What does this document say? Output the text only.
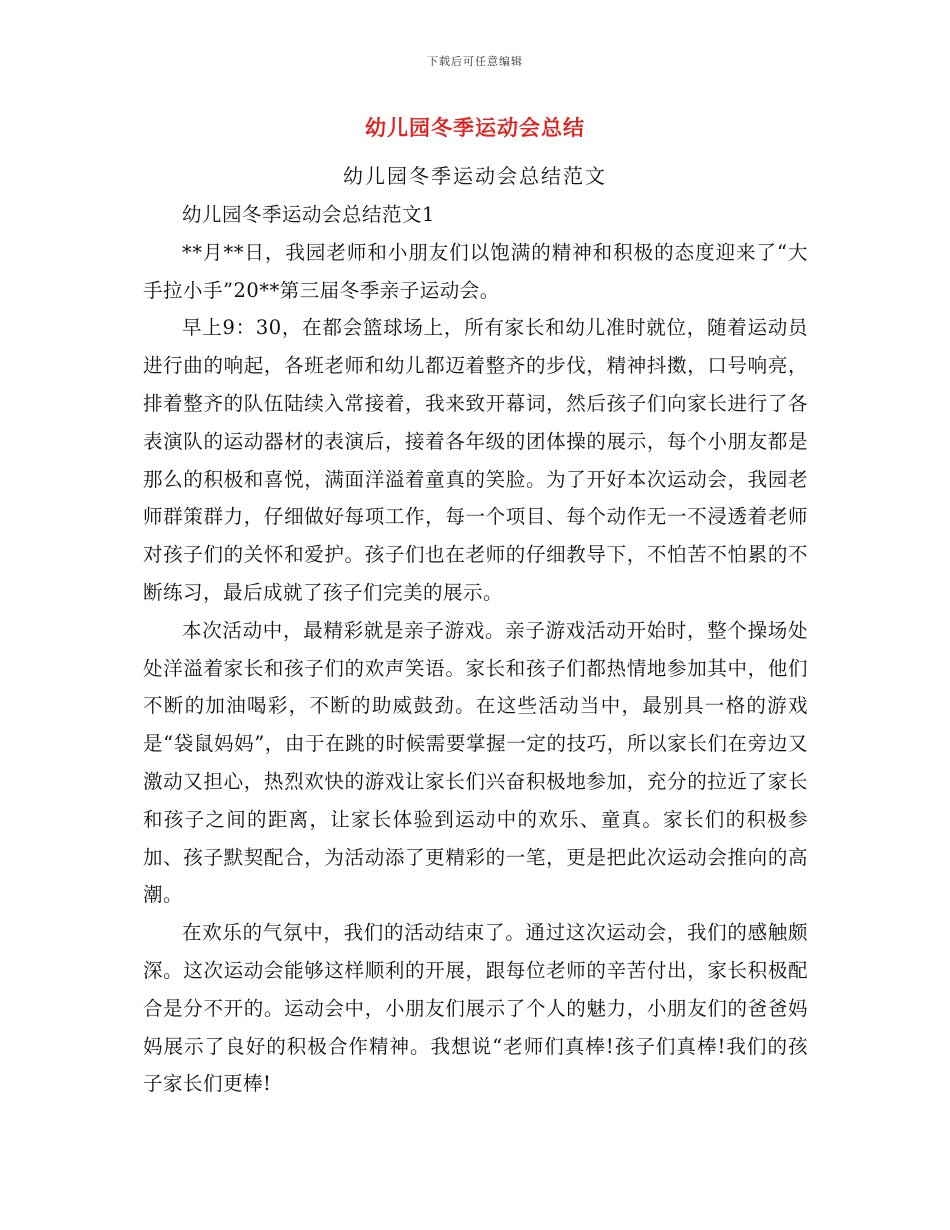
下载后可任意编辑
幼儿园冬季运动会总结
幼儿园冬季运动会总结范文

幼儿园冬季运动会总结范文1

**月**日，我园老师和小朋友们以饱满的精神和积极的态度迎来了“大手拉小手”20**第三届冬季亲子运动会。

早上9：30，在都会篮球场上，所有家长和幼儿准时就位，随着运动员进行曲的响起，各班老师和幼儿都迈着整齐的步伐，精神抖擞，口号响亮，排着整齐的队伍陆续入常接着，我来致开幕词，然后孩子们向家长进行了各表演队的运动器材的表演后，接着各年级的团体操的展示，每个小朋友都是那么的积极和喜悦，满面洋溢着童真的笑脸。为了开好本次运动会，我园老师群策群力，仔细做好每项工作，每一个项目、每个动作无一不浸透着老师对孩子们的关怀和爱护。孩子们也在老师的仔细教导下，不怕苦不怕累的不断练习，最后成就了孩子们完美的展示。

本次活动中，最精彩就是亲子游戏。亲子游戏活动开始时，整个操场处处洋溢着家长和孩子们的欢声笑语。家长和孩子们都热情地参加其中，他们不断的加油喝彩，不断的助威鼓劲。在这些活动当中，最别具一格的游戏是“袋鼠妈妈”，由于在跳的时候需要掌握一定的技巧，所以家长们在旁边又激动又担心，热烈欢快的游戏让家长们兴奋积极地参加，充分的拉近了家长和孩子之间的距离，让家长体验到运动中的欢乐、童真。家长们的积极参加、孩子默契配合，为活动添了更精彩的一笔，更是把此次运动会推向的高潮。

在欢乐的气氛中，我们的活动结束了。通过这次运动会，我们的感触颇深。这次运动会能够这样顺利的开展，跟每位老师的辛苦付出，家长积极配合是分不开的。运动会中，小朋友们展示了个人的魅力，小朋友们的爸爸妈妈展示了良好的积极合作精神。我想说“老师们真棒!孩子们真棒!我们的孩子家长们更棒!
